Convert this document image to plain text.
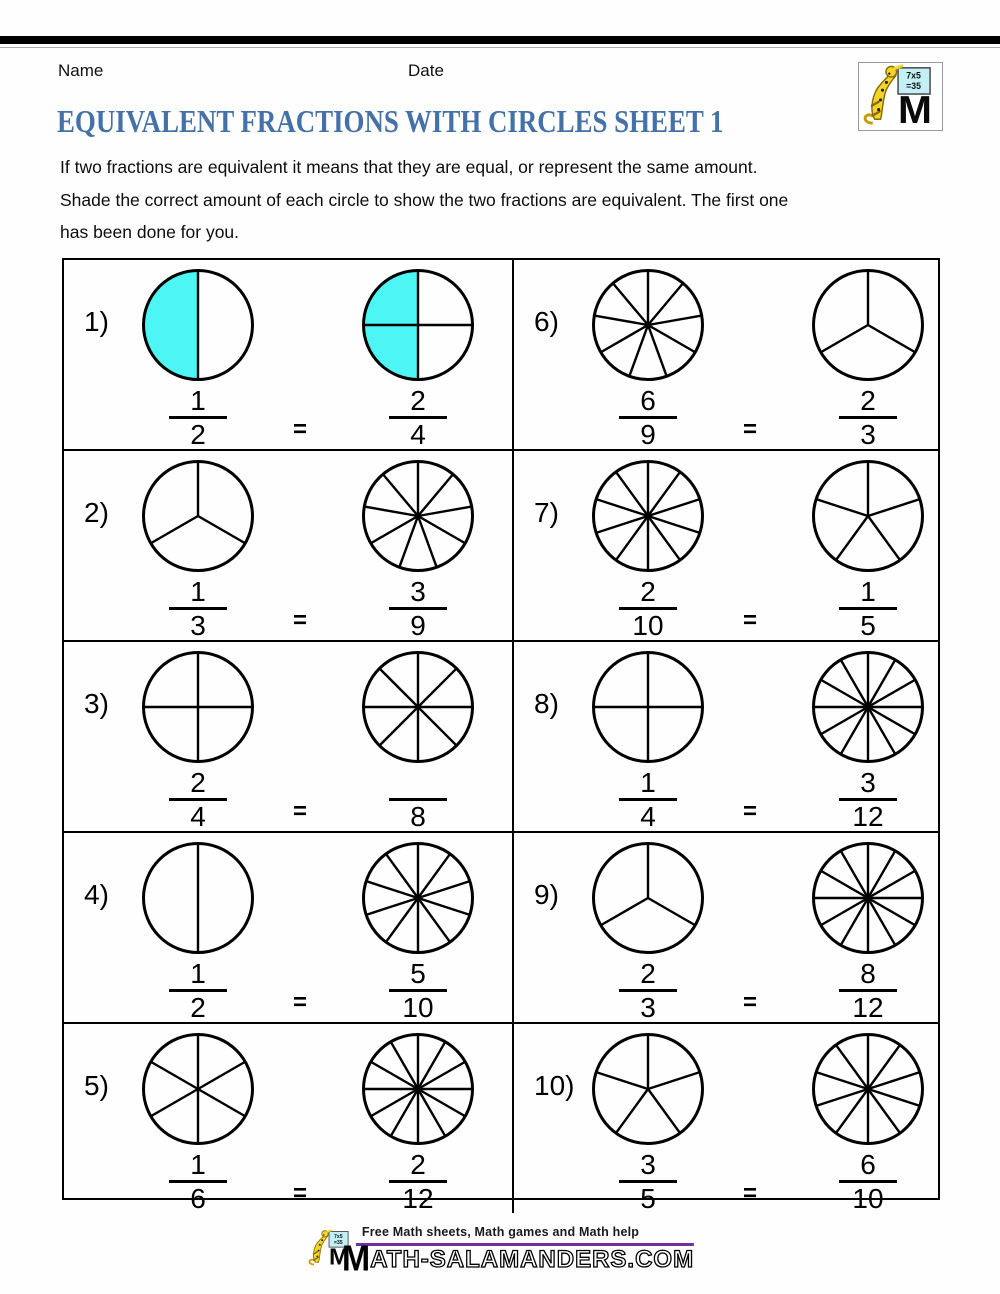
Name	Date
EQUIVALENT FRACTIONS WITH CIRCLES SHEET 1
If two fractions are equivalent it means that they are equal, or represent the same amount.
Shade the correct amount of each circle to show the two fractions are equivalent. The first one
has been done for you.
1)
$\frac{1}{2}$	=	$\frac{2}{4}$
2)
$\frac{1}{3}$	=	$\frac{3}{9}$
3)
$\frac{2}{4}$	=	8
4)
$\frac{1}{2}$	=	$\frac{5}{10}$
5)
$\frac{1}{6}$	=	$\frac{2}{12}$
6)
$\frac{6}{9}$	=	$\frac{2}{3}$
7)
$\frac{2}{10}$	=	$\frac{1}{5}$
8)
$\frac{1}{4}$	=	$\frac{3}{12}$
9)
$\frac{2}{3}$	=	$\frac{8}{12}$
10)
$\frac{3}{5}$	=	$\frac{6}{10}$
Free Math sheets, Math games and Math help
M ATH-SALAMANDERS.COM
